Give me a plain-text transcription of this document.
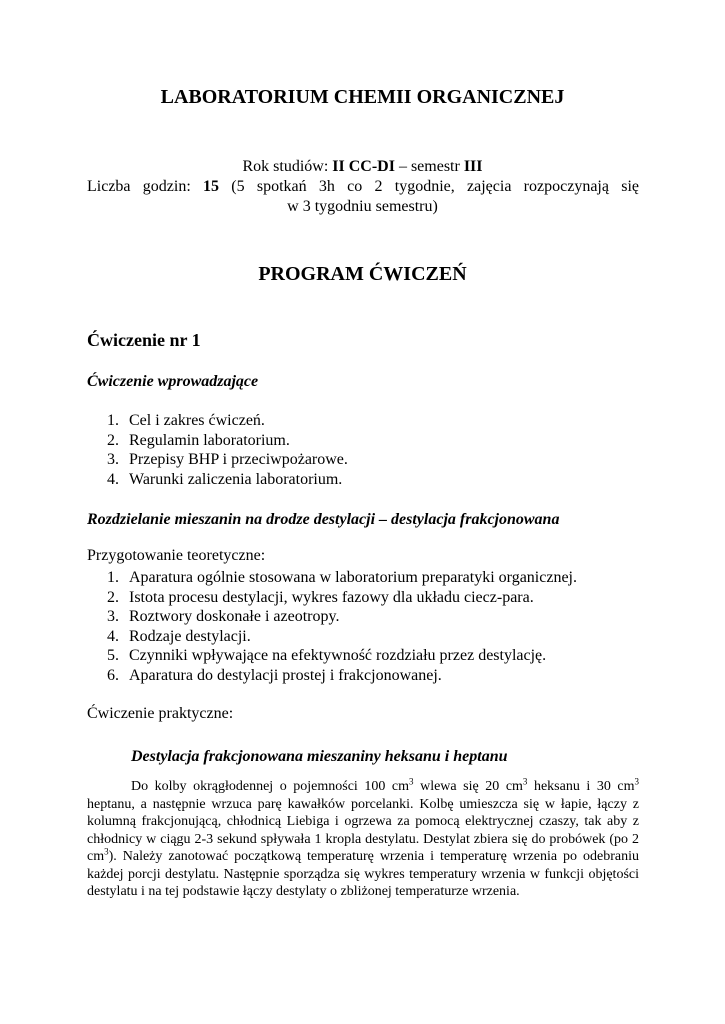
LABORATORIUM CHEMII ORGANICZNEJ
Rok studiów: II CC-DI – semestr III
Liczba godzin: 15 (5 spotkań 3h co 2 tygodnie, zajęcia rozpoczynają się
w 3 tygodniu semestru)
PROGRAM ĆWICZEŃ
Ćwiczenie nr 1
Ćwiczenie wprowadzające
1. Cel i zakres ćwiczeń.
2. Regulamin laboratorium.
3. Przepisy BHP i przeciwpożarowe.
4. Warunki zaliczenia laboratorium.
Rozdzielanie mieszanin na drodze destylacji – destylacja frakcjonowana
Przygotowanie teoretyczne:
1. Aparatura ogólnie stosowana w laboratorium preparatyki organicznej.
2. Istota procesu destylacji, wykres fazowy dla układu ciecz-para.
3. Roztwory doskonałe i azeotropy.
4. Rodzaje destylacji.
5. Czynniki wpływające na efektywność rozdziału przez destylację.
6. Aparatura do destylacji prostej i frakcjonowanej.
Ćwiczenie praktyczne:
Destylacja frakcjonowana mieszaniny heksanu i heptanu
Do kolby okrągłodennej o pojemności 100 $cm^3$ wlewa się 20 $cm^3$ heksanu i 30 $cm^3$ heptanu, a następnie wrzuca parę kawałków porcelanki. Kolbę umieszcza się w łapie, łączy z kolumną frakcjonującą, chłodnicą Liebiga i ogrzewa za pomocą elektrycznej czaszy, tak aby z chłodnicy w ciągu 2-3 sekund spływała 1 kropla destylatu. Destylat zbiera się do probówek (po 2 $cm^3$). Należy zanotować początkową temperaturę wrzenia i temperaturę wrzenia po odebraniu każdej porcji destylatu. Następnie sporządza się wykres temperatury wrzenia w funkcji objętości destylatu i na tej podstawie łączy destylaty o zbliżonej temperaturze wrzenia.
